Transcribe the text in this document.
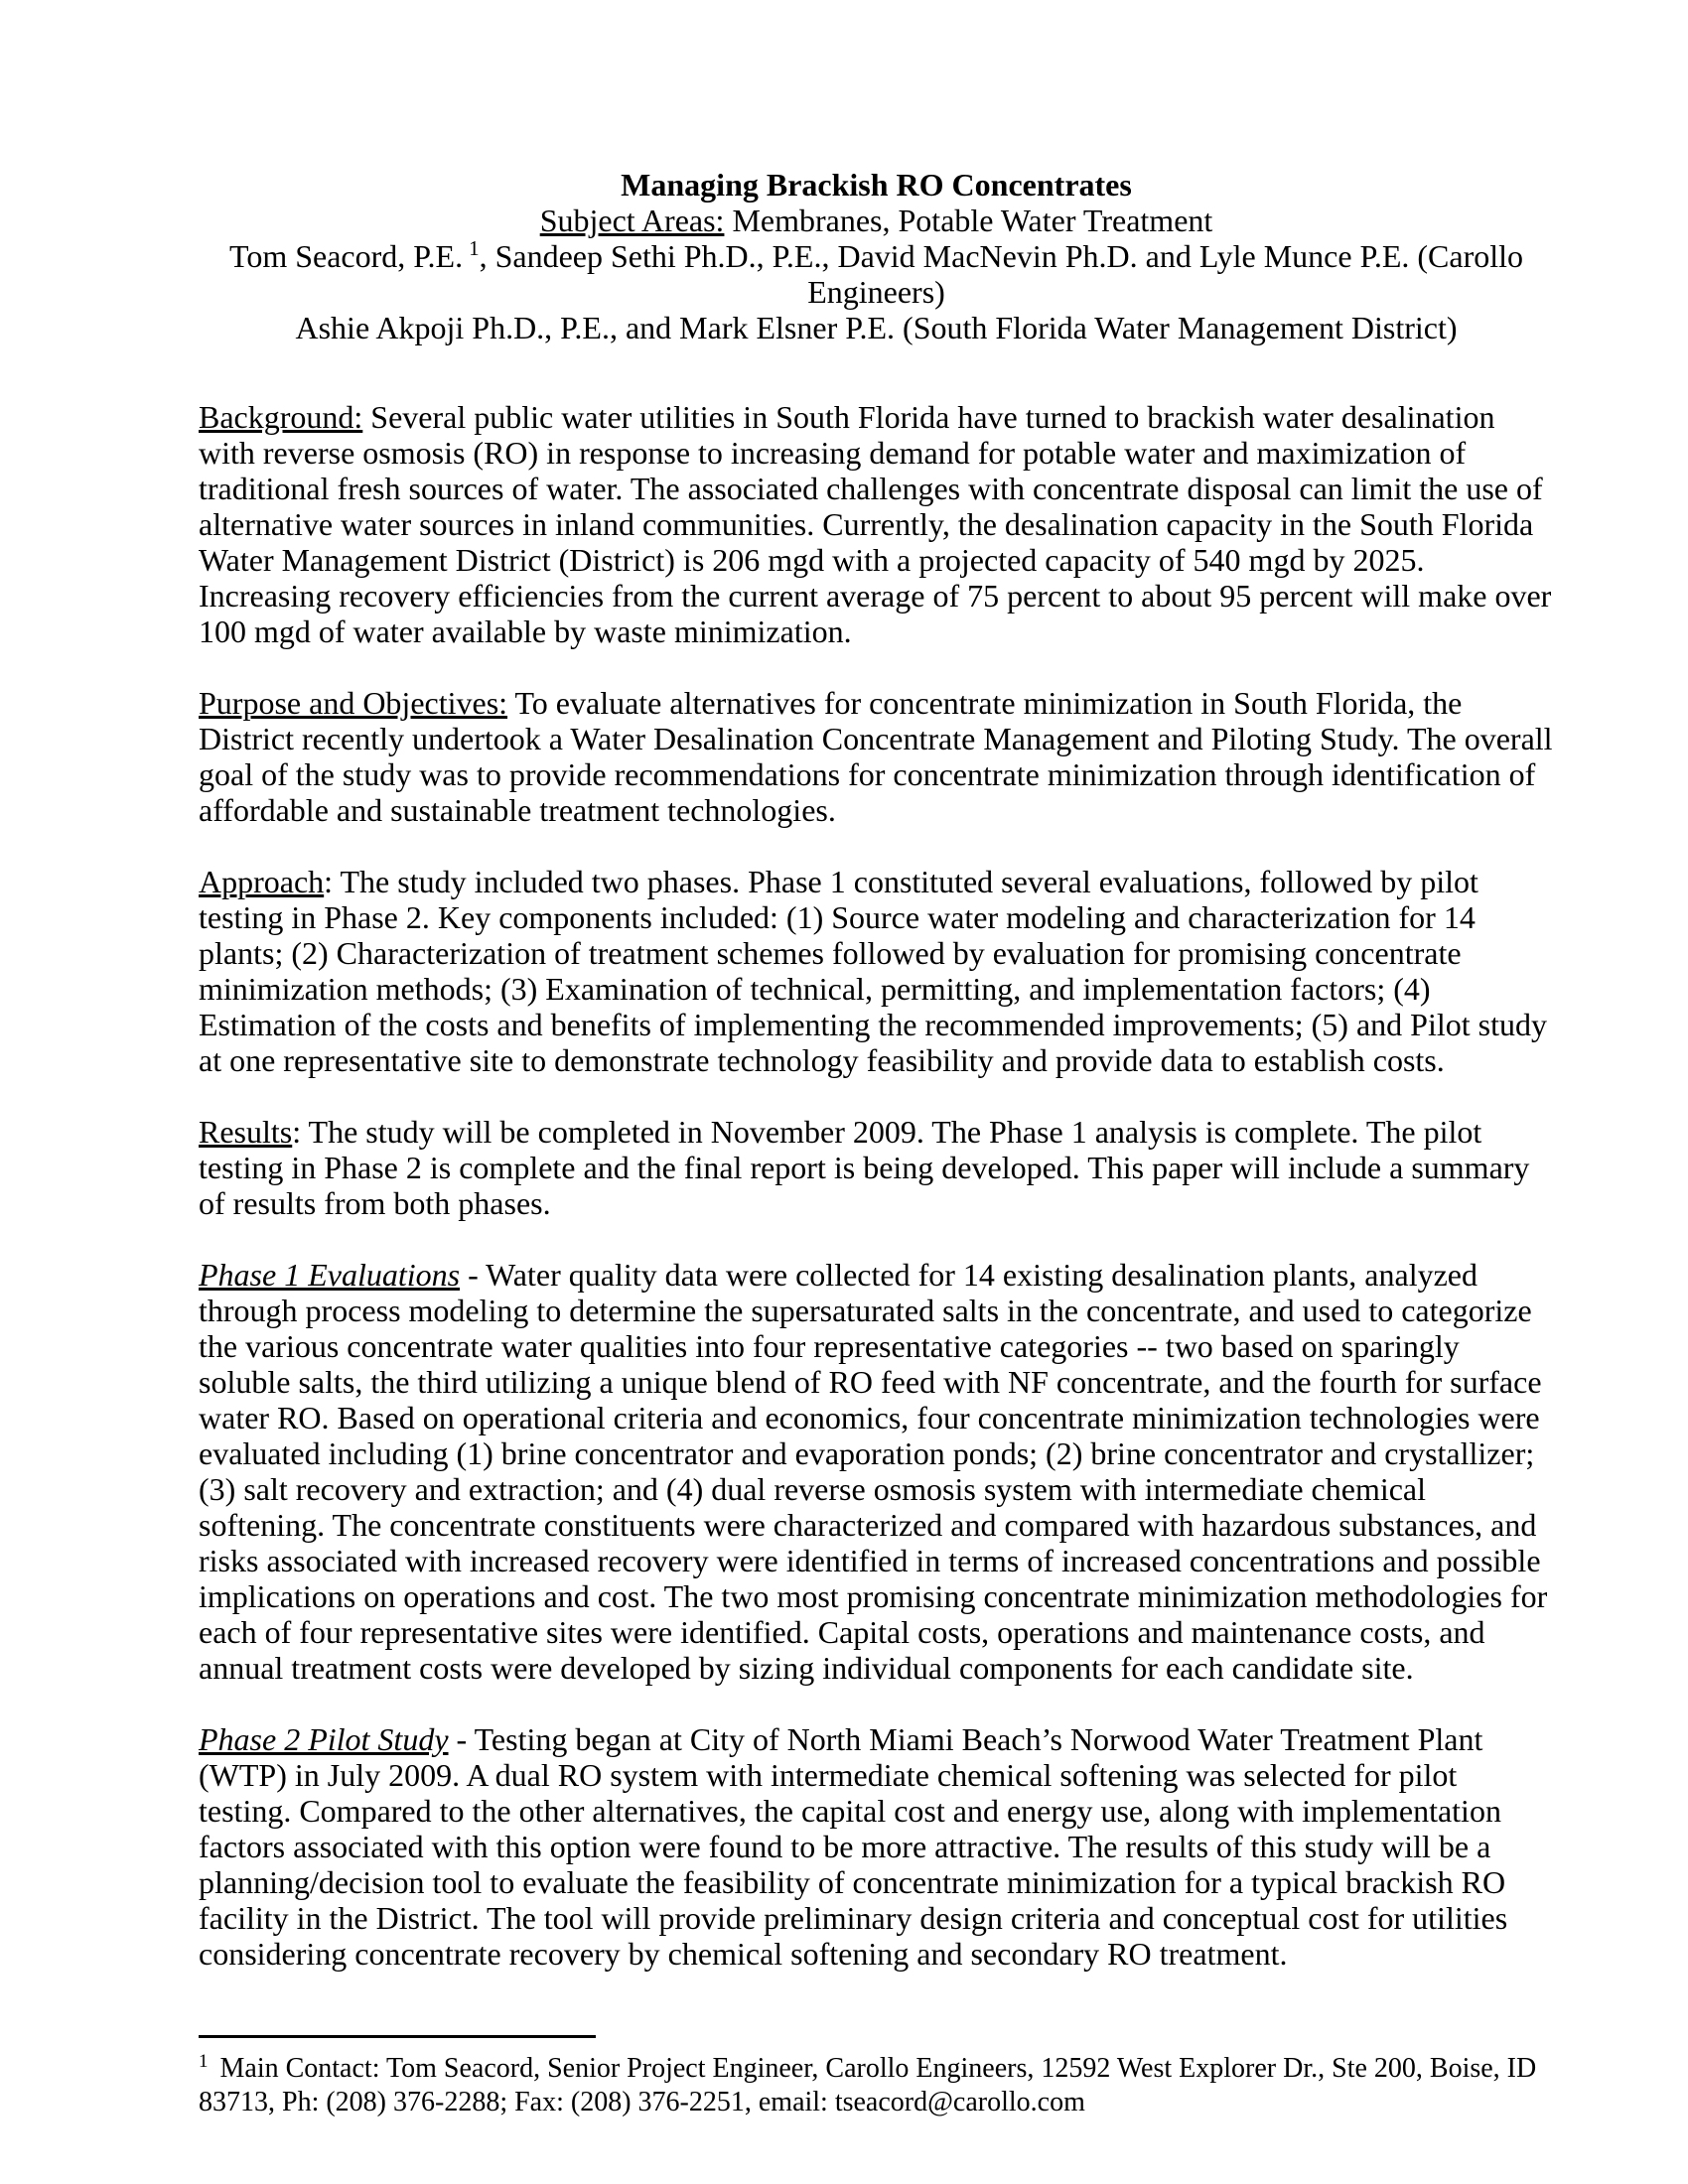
Managing Brackish RO Concentrates
Subject Areas: Membranes, Potable Water Treatment
Tom Seacord, P.E. $^1$, Sandeep Sethi Ph.D., P.E., David MacNevin Ph.D. and Lyle Munce P.E. (Carollo
Engineers)
Ashie Akpoji Ph.D., P.E., and Mark Elsner P.E. (South Florida Water Management District)

Background: Several public water utilities in South Florida have turned to brackish water desalination with reverse osmosis (RO) in response to increasing demand for potable water and maximization of traditional fresh sources of water. The associated challenges with concentrate disposal can limit the use of alternative water sources in inland communities. Currently, the desalination capacity in the South Florida Water Management District (District) is 206 mgd with a projected capacity of 540 mgd by 2025. Increasing recovery efficiencies from the current average of 75 percent to about 95 percent will make over 100 mgd of water available by waste minimization.

Purpose and Objectives: To evaluate alternatives for concentrate minimization in South Florida, the District recently undertook a Water Desalination Concentrate Management and Piloting Study. The overall goal of the study was to provide recommendations for concentrate minimization through identification of affordable and sustainable treatment technologies.

Approach: The study included two phases. Phase 1 constituted several evaluations, followed by pilot testing in Phase 2. Key components included: (1) Source water modeling and characterization for 14 plants; (2) Characterization of treatment schemes followed by evaluation for promising concentrate minimization methods; (3) Examination of technical, permitting, and implementation factors; (4) Estimation of the costs and benefits of implementing the recommended improvements; (5) and Pilot study at one representative site to demonstrate technology feasibility and provide data to establish costs.

Results: The study will be completed in November 2009. The Phase 1 analysis is complete. The pilot testing in Phase 2 is complete and the final report is being developed. This paper will include a summary of results from both phases.

Phase 1 Evaluations - Water quality data were collected for 14 existing desalination plants, analyzed through process modeling to determine the supersaturated salts in the concentrate, and used to categorize the various concentrate water qualities into four representative categories -- two based on sparingly soluble salts, the third utilizing a unique blend of RO feed with NF concentrate, and the fourth for surface water RO. Based on operational criteria and economics, four concentrate minimization technologies were evaluated including (1) brine concentrator and evaporation ponds; (2) brine concentrator and crystallizer; (3) salt recovery and extraction; and (4) dual reverse osmosis system with intermediate chemical softening. The concentrate constituents were characterized and compared with hazardous substances, and risks associated with increased recovery were identified in terms of increased concentrations and possible implications on operations and cost. The two most promising concentrate minimization methodologies for each of four representative sites were identified. Capital costs, operations and maintenance costs, and annual treatment costs were developed by sizing individual components for each candidate site.

Phase 2 Pilot Study - Testing began at City of North Miami Beach’s Norwood Water Treatment Plant (WTP) in July 2009. A dual RO system with intermediate chemical softening was selected for pilot testing. Compared to the other alternatives, the capital cost and energy use, along with implementation factors associated with this option were found to be more attractive. The results of this study will be a planning/decision tool to evaluate the feasibility of concentrate minimization for a typical brackish RO facility in the District. The tool will provide preliminary design criteria and conceptual cost for utilities considering concentrate recovery by chemical softening and secondary RO treatment.

$^1$ Main Contact: Tom Seacord, Senior Project Engineer, Carollo Engineers, 12592 West Explorer Dr., Ste 200, Boise, ID 83713, Ph: (208) 376-2288; Fax: (208) 376-2251, email: tseacord@carollo.com
